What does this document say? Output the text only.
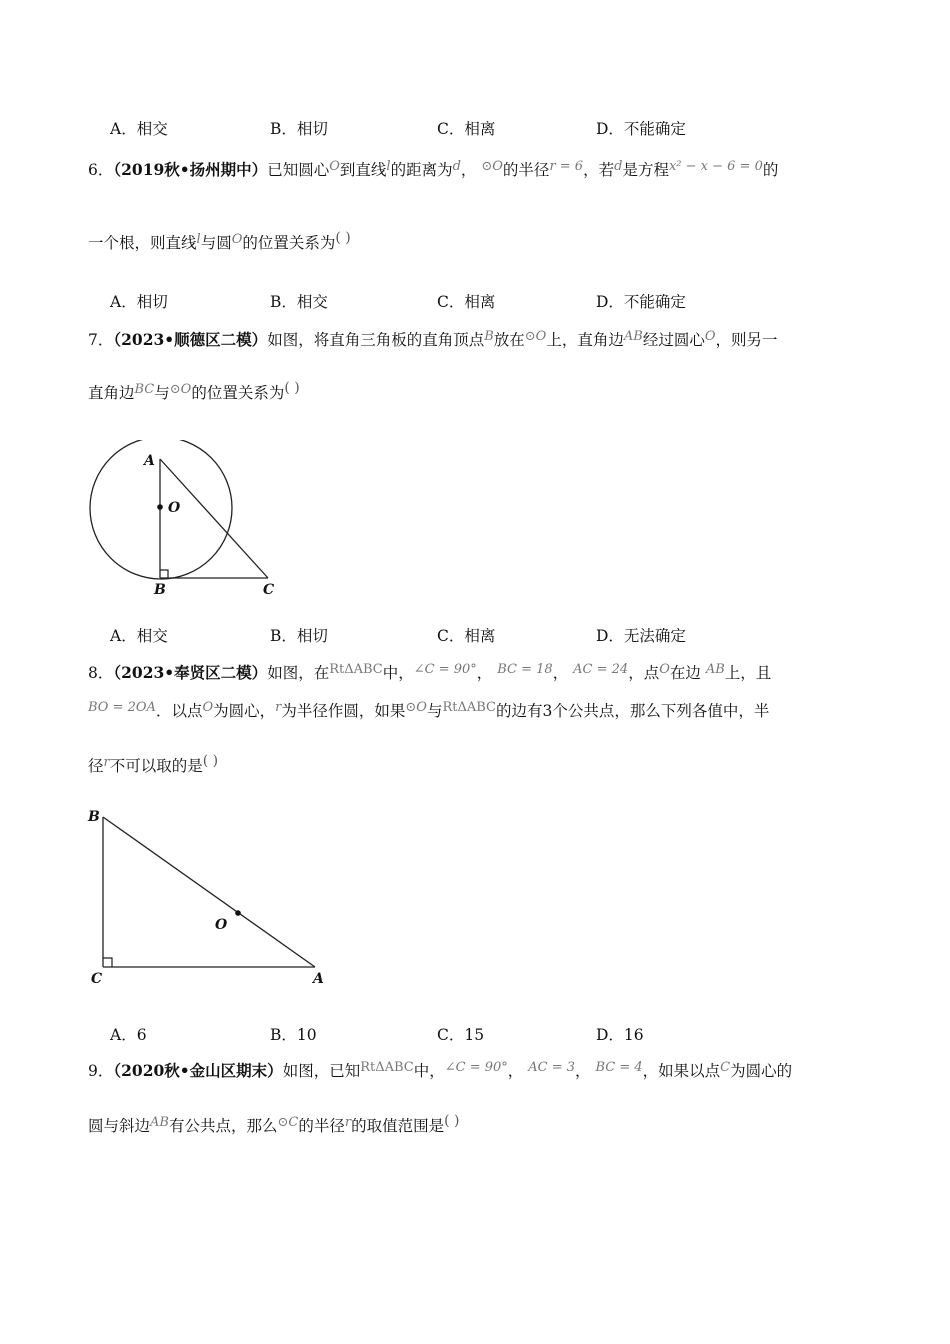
A．相交	B．相切	C．相离	D．不能确定
6．（2019秋•扬州期中）已知圆心$^O$到直线$^l$的距离为$^d$， $^{⊙O}$的半径$^{r = 6}$，若$^d$是方程$^{x^2 - x - 6 = 0}$的
一个根，则直线$^l$与圆$^O$的位置关系为( )
A．相切	B．相交	C．相离	D．不能确定
7．（2023•顺德区二模）如图，将直角三角板的直角顶点$^B$放在$^{⊙O}$上，直角边$^{AB}$经过圆心$^O$，则另一
直角边$^{BC}$与$^{⊙O}$的位置关系为( )
A
O
B	C
A．相交	B．相切	C．相离	D．无法确定
8．（2023•奉贤区二模）如图，在$^{Rt\Delta ABC}$中，$^{\angle C = 90^\circ}$， $^{BC = 18}$， $^{AC = 24}$，点$^O$在边 $^{AB}$上，且
$^{BO = 2OA}$．以点$^O$为圆心，$^r$为半径作圆，如果$^{⊙O}$与$^{Rt\Delta ABC}$的边有3个公共点，那么下列各值中，半
径$^r$不可以取的是( )
B
O
C	A
A．6	B．10	C．15	D．16
9．（2020秋•金山区期末）如图，已知$^{Rt\Delta ABC}$中，$^{\angle C = 90^\circ}$， $^{AC = 3}$， $^{BC = 4}$，如果以点$^C$为圆心的
圆与斜边$^{AB}$有公共点，那么$^{⊙C}$的半径$^r$的取值范围是( )
